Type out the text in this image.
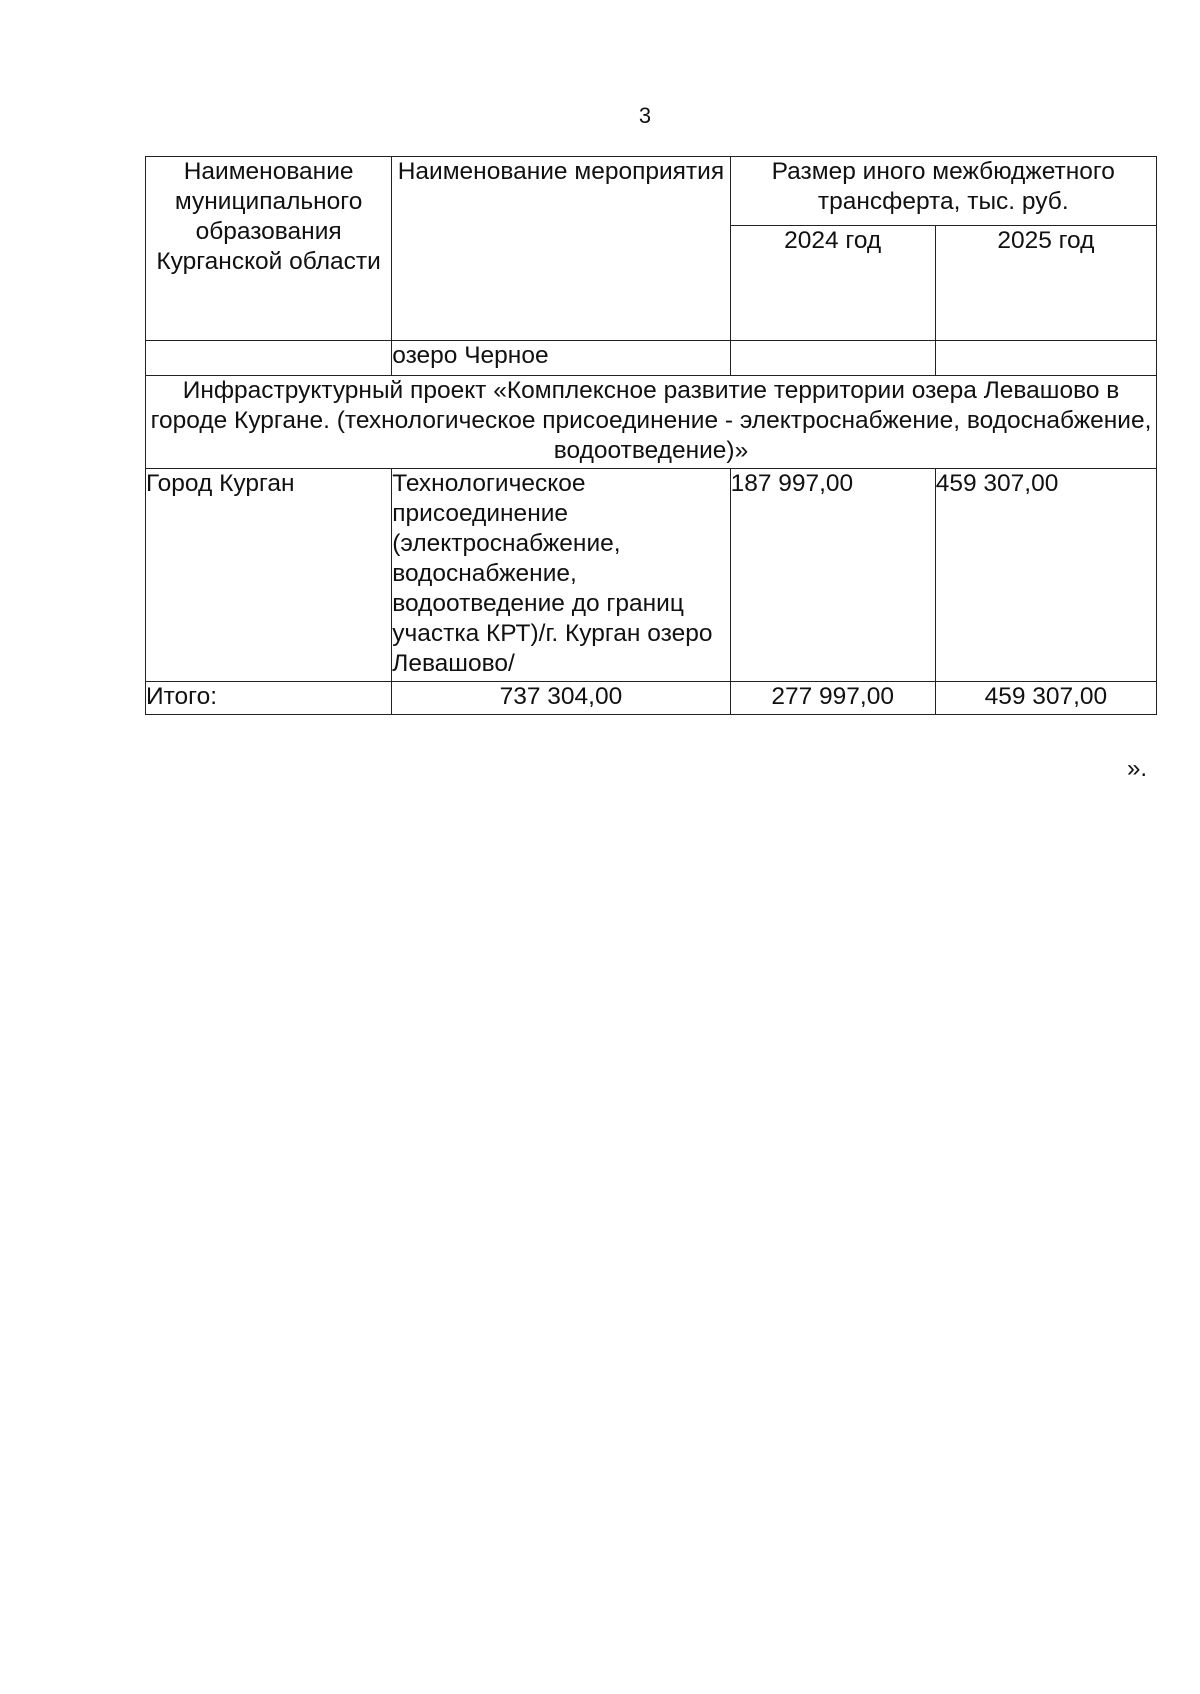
3
Наименование муниципального образования Курганской области	Наименование мероприятия	Размер иного межбюджетного трансферта, тыс. руб.	
		2024 год	2025 год
	озеро Черное		
Инфраструктурный проект «Комплексное развитие территории озера Левашово в городе Кургане. (технологическое присоединение - электроснабжение, водоснабжение, водоотведение)»			
Город Курган	Технологическое присоединение (электроснабжение, водоснабжение, водоотведение до границ участка КРТ)/г. Курган озеро Левашово/	187 997,00	459 307,00
Итого:	737 304,00	277 997,00	459 307,00
».
